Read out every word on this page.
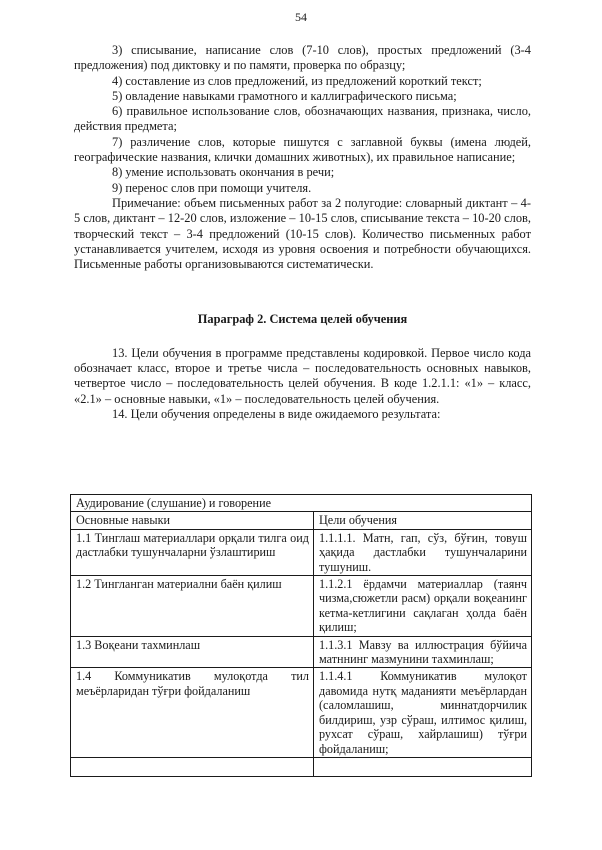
54

3) списывание, написание слов (7-10 слов), простых предложений (3-4 предложения) под диктовку и по памяти, проверка по образцу;

4) составление из слов предложений, из предложений короткий текст;

5) овладение навыками грамотного и каллиграфического письма;

6) правильное использование слов, обозначающих названия, признака, число, действия предмета;

7) различение слов, которые пишутся с заглавной буквы (имена людей, географические названия, клички домашних животных), их правильное написание;

8) умение использовать окончания в речи;

9) перенос слов при помощи учителя.

Примечание: объем письменных работ за 2 полугодие: словарный диктант – 4-5 слов, диктант – 12-20 слов, изложение – 10-15 слов, списывание текста – 10-20 слов, творческий текст – 3-4 предложений (10-15 слов). Количество письменных работ устанавливается учителем, исходя из уровня освоения и потребности обучающихся. Письменные работы организовываются систематически.

Параграф 2. Система целей обучения

13. Цели обучения в программе представлены кодировкой. Первое число кода обозначает класс, второе и третье числа – последовательность основных навыков, четвертое число – последовательность целей обучения. В коде 1.2.1.1: «1» – класс, «2.1» – основные навыки, «1» – последовательность целей обучения.

14. Цели обучения определены в виде ожидаемого результата:

Аудирование (слушание) и говорение	
Основные навыки	Цели обучения
1.1 Тинглаш материаллари орқали тилга оид дастлабки тушунчаларни ўзлаштириш	1.1.1.1. Матн, гап, сўз, бўғин, товуш ҳақида дастлабки тушунчаларини тушуниш.
1.2 Тингланган материални баён қилиш	1.1.2.1 ёрдамчи материаллар (таянч чизма,сюжетли расм) орқали воқеанинг кетма-кетлигини сақлаган ҳолда баён қилиш;
1.3 Воқеани тахминлаш	1.1.3.1 Мавзу ва иллюстрация бўйича матннинг мазмунини тахминлаш;
1.4 Коммуникатив мулоқотда тил меъёрларидан тўғри фойдаланиш	1.1.4.1 Коммуникатив мулоқот давомида нутқ маданияти меъёрлардан (саломлашиш, миннатдорчилик билдириш, узр сўраш, илтимос қилиш, рухсат сўраш, хайрлашиш) тўғри фойдаланиш;
